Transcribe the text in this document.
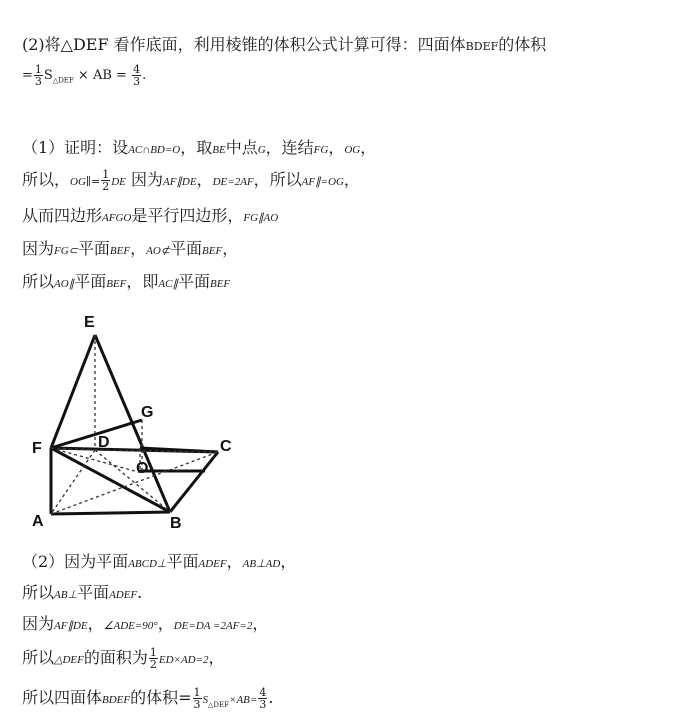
(2)将△DEF 看作底面，利用棱锥的体积公式计算可得：四面体BDEF的体积
= $\frac{1}{3} S_{\triangle DEF}$ × AB = $\frac{4}{3}$ .
（1）证明：设AC∩BD=O，取BE中点G，连结FG，OG，
所以，OG∥= $\frac{1}{2}$ DE 因为AF∥DE，DE=2AF，所以AF∥=OG，
从而四边形AFGO是平行四边形，FG∥AO
因为FG⊂平面BEF，AO⊄平面BEF，
所以AO∥平面BEF，即AC∥平面BEF
E
G
F	D	C
O
A	B
（2）因为平面ABCD⊥平面ADEF，AB⊥AD，
所以AB⊥平面ADEF.
因为AF∥DE，∠ADE=90°，DE=DA =2AF=2，
所以△DEF的面积为 $\frac{1}{2} ED\times AD=2$，
所以四面体BDEF的体积= $\frac{1}{3} S_{\triangle DEF}\times AB= \frac{4}{3}$ .
